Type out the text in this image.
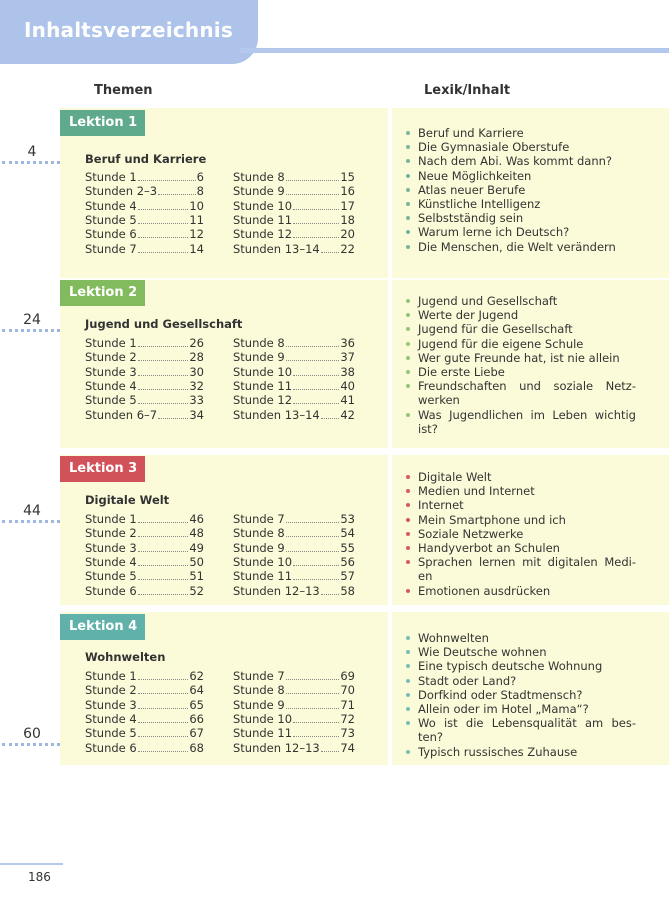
Inhaltsverzeichnis
Themen	Lexik/Inhalt
Lektion 1
4	Beruf und Karriere
Stunde 1	6
Stunden 2–3	8
Stunde 4	10
Stunde 5	11
Stunde 6	12
Stunde 7	14
Stunde 8	15
Stunde 9	16
Stunde 10	17
Stunde 11	18
Stunde 12	20
Stunden 13–14 22
Beruf und Karriere
Die Gymnasiale Oberstufe
Nach dem Abi. Was kommt dann?
Neue Möglichkeiten
Atlas neuer Berufe
Künstliche Intelligenz
Selbstständig sein
Warum lerne ich Deutsch?
Die Menschen, die Welt verändern
Lektion 2
24	Jugend und Gesellschaft
Stunde 1	26
Stunde 2	28
Stunde 3	30
Stunde 4	32
Stunde 5	33
Stunden 6–7	34
Stunde 8	36
Stunde 9	37
Stunde 10	38
Stunde 11	40
Stunde 12	41
Stunden 13–14 42
Jugend und Gesellschaft
Werte der Jugend
Jugend für die Gesellschaft
Jugend für die eigene Schule
Wer gute Freunde hat, ist nie allein
Die erste Liebe
Freundschaften und soziale Netz-werken
Was Jugendlichen im Leben wichtig ist?
Lektion 3
44
Digitale Welt
Stunde 1	46
Stunde 2	48
Stunde 3	49
Stunde 4	50
Stunde 5	51
Stunde 6	52
Stunde 7	53
Stunde 8	54
Stunde 9	55
Stunde 10	56
Stunde 11	57
Stunden 12–13 58
Digitale Welt
Medien und Internet
Internet
Mein Smartphone und ich
Soziale Netzwerke
Handyverbot an Schulen
Sprachen lernen mit digitalen Medi-en
Emotionen ausdrücken
Lektion 4
60
Wohnwelten
Stunde 1	62
Stunde 2	64
Stunde 3	65
Stunde 4	66
Stunde 5	67
Stunde 6	68
Stunde 7	69
Stunde 8	70
Stunde 9	71
Stunde 10	72
Stunde 11	73
Stunden 12–13 74
Wohnwelten
Wie Deutsche wohnen
Eine typisch deutsche Wohnung
Stadt oder Land?
Dorfkind oder Stadtmensch?
Allein oder im Hotel „Mama“?
Wo ist die Lebensqualität am bes-ten?
Typisch russisches Zuhause
186
